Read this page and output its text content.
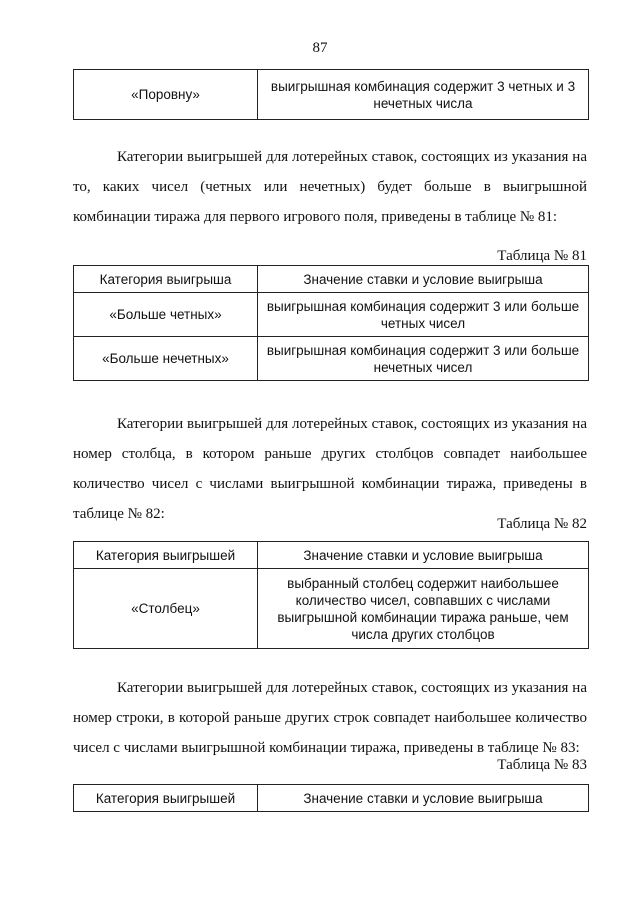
87
«Поровну»	выигрышная комбинация содержит 3 четных и 3 нечетных числа

Категории выигрышей для лотерейных ставок, состоящих из указания на то, каких чисел (четных или нечетных) будет больше в выигрышной комбинации тиража для первого игрового поля, приведены в таблице № 81:

Таблица № 81
Категория выигрыша	Значение ставки и условие выигрыша
«Больше четных»	выигрышная комбинация содержит 3 или больше четных чисел
«Больше нечетных»	выигрышная комбинация содержит 3 или больше нечетных чисел

Категории выигрышей для лотерейных ставок, состоящих из указания на номер столбца, в котором раньше других столбцов совпадет наибольшее количество чисел с числами выигрышной комбинации тиража, приведены в таблице № 82:

Таблица № 82
Категория выигрышей	Значение ставки и условие выигрыша
«Столбец»	выбранный столбец содержит наибольшее количество чисел, совпавших с числами выигрышной комбинации тиража раньше, чем числа других столбцов

Категории выигрышей для лотерейных ставок, состоящих из указания на номер строки, в которой раньше других строк совпадет наибольшее количество чисел с числами выигрышной комбинации тиража, приведены в таблице № 83:

Таблица № 83
Категория выигрышей	Значение ставки и условие выигрыша
